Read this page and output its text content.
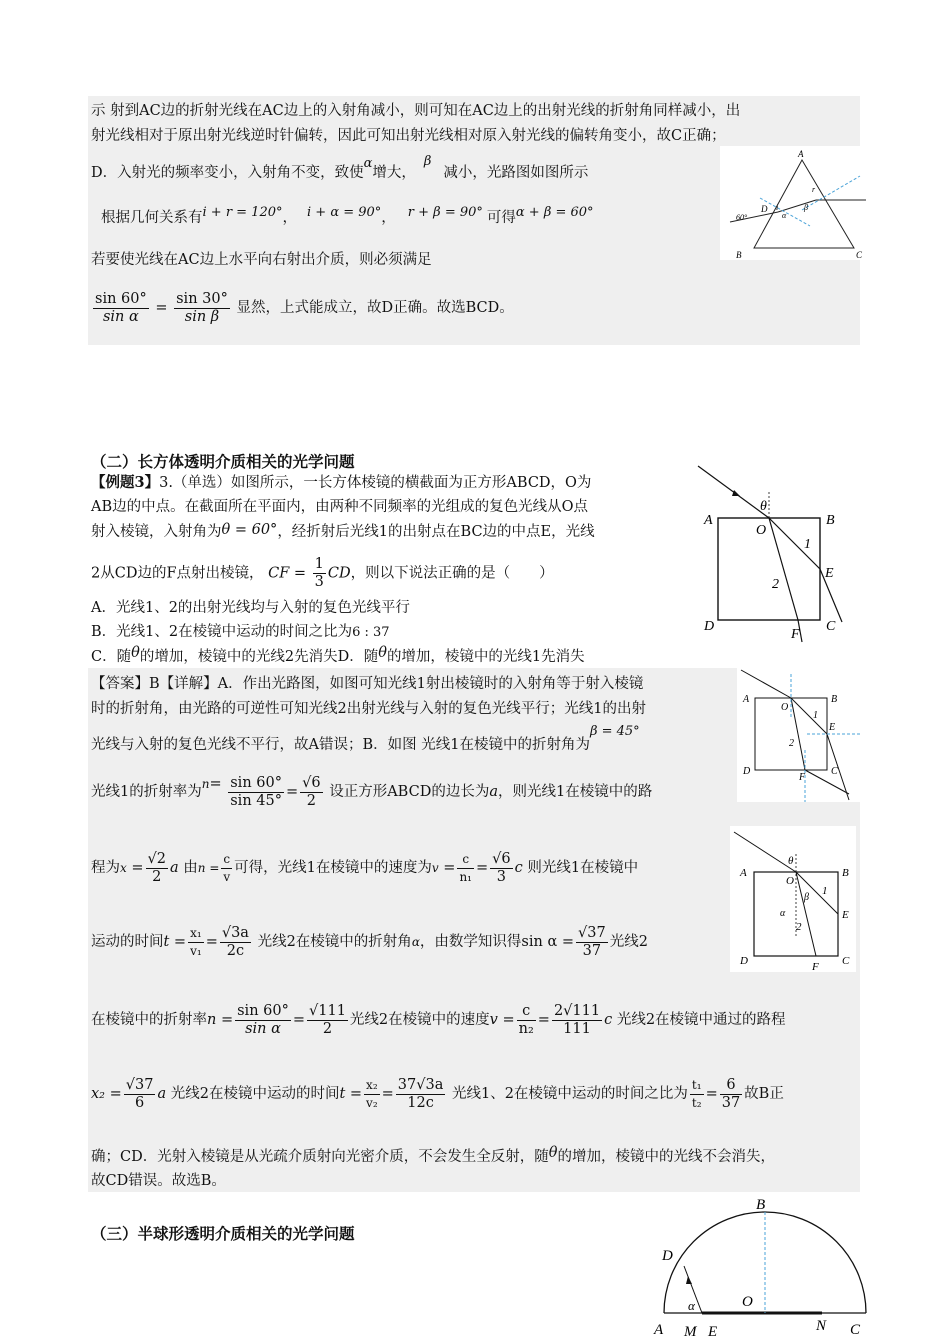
示 射到AC边的折射光线在AC边上的入射角减小，则可知在AC边上的出射光线的折射角同样减小，出
射光线相对于原出射光线逆时针偏转，因此可知出射光线相对原入射光线的偏转角变小，故C正确；
D．入射光的频率变小，入射角不变，致使α增大，β减小，光路图如图所示
根据几何关系有i + r = 120°， i + α = 90°， r + β = 90° 可得α + β = 60°
若要使光线在AC边上水平向右射出介质，则必须满足
$\frac{\sin 60^\circ}{\text{sin α}} = \frac{\sin 30^\circ}{\text{sin β}}$ 显然，上式能成立，故D正确。故选BCD。
A
B	C
D i
r
α
β
60°
（二）长方体透明介质相关的光学问题
【例题3】3.（单选）如图所示，一长方体棱镜的横截面为正方形ABCD，O为
AB边的中点。在截面所在平面内，由两种不同频率的光组成的复色光线从O点
射入棱镜，入射角为θ = 60°，经折射后光线1的出射点在BC边的中点E，光线
2从CD边的F点射出棱镜， CF = $\frac{1}{3}$ CD，则以下说法正确的是（　　）
A．光线1、2的出射光线均与入射的复色光线平行
B．光线1、2在棱镜中运动的时间之比为6 : 37
C．随θ的增加，棱镜中的光线2先消失D．随θ的增加，棱镜中的光线1先消失
A	B
C
D
O
E
F
θ
1
2
【答案】B【详解】A．作出光路图，如图可知光线1射出棱镜时的入射角等于射入棱镜
时的折射角，由光路的可逆性可知光线2出射光线与入射的复色光线平行；光线1的出射
光线与入射的复色光线不平行，故A错误；B．如图 光线1在棱镜中的折射角为β = 45°
光线1的折射率为$^n= \frac{\sin 60^\circ}{\sin 45^\circ} = \frac{√6}{2}$ 设正方形ABCD的边长为a，则光线1在棱镜中的路
程为$x = \frac{√2}{2}$ a 由$n = \frac{c}{v}$ 可得，光线1在棱镜中的速度为$v = \frac{c}{\text{n₁}} = \frac{√6}{3}$ c 则光线1在棱镜中
运动的时间$t = \frac{\text{x₁}}{\text{v₁}} = \frac{√3a}{2c}$ 光线2在棱镜中的折射角α，由数学知识得$\sin \alpha = \frac{√37}{37}$ 光线2
在棱镜中的折射率$n = \frac{\sin 60^\circ}{\text{sin α}} = \frac{√111}{2}$ 光线2在棱镜中的速度$v = \frac{c}{\text{n₂}} = \frac{2√111}{111}$ c 光线2在棱镜中通过的路程
$x_2 = \frac{√37}{6}$ a 光线2在棱镜中运动的时间$t = \frac{\text{x₂}}{\text{v₂}} = \frac{37√3a}{12c}$ 光线1、2在棱镜中运动的时间之比为 $\frac{\text{t₁}}{\text{t₂}} = \frac{6}{37}$ 故B正
确；CD．光射入棱镜是从光疏介质射向光密介质，不会发生全反射，随θ的增加，棱镜中的光线不会消失，
故CD错误。故选B。
A	B
C
D
O
E
F
1
2
A	B
C
D
O
E
F
θ
β
α
1
2
（三）半球形透明介质相关的光学问题
B
D
O
A M E	N C
α
